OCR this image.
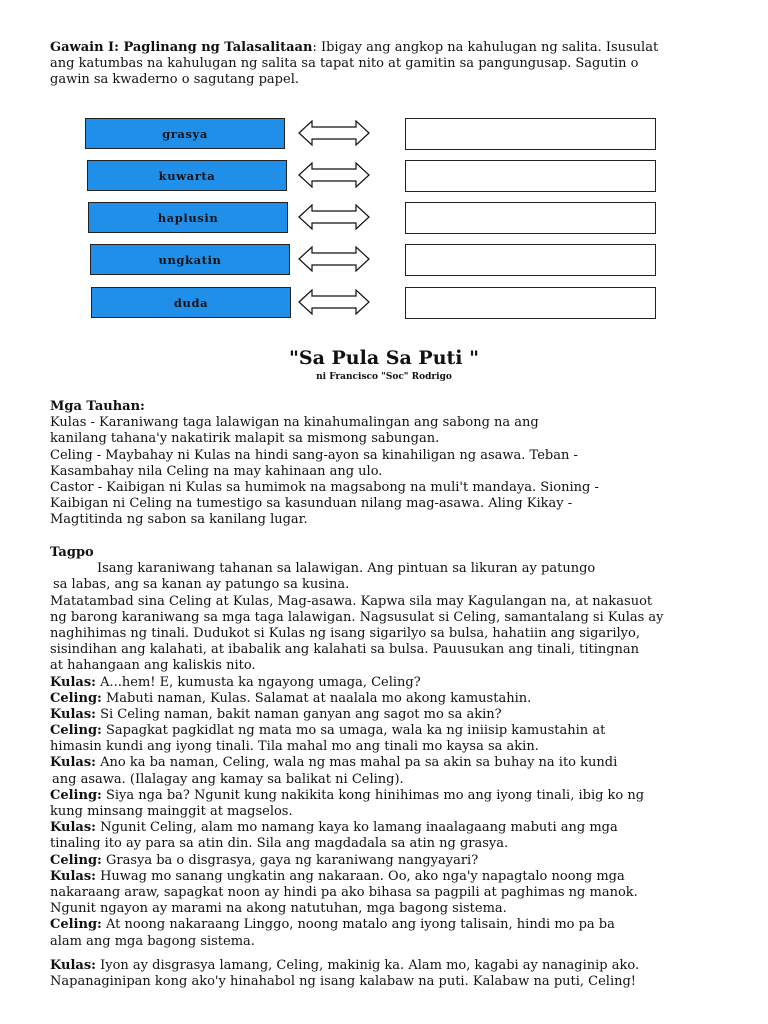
Gawain I: Paglinang ng Talasalitaan: Ibigay ang angkop na kahulugan ng salita. Isusulat
ang katumbas na kahulugan ng salita sa tapat nito at gamitin sa pangungusap. Sagutin o
gawin sa kwaderno o sagutang papel.
grasya
kuwarta
haplusin
ungkatin
duda
"Sa Pula Sa Puti "
ni Francisco "Soc" Rodrigo
Mga Tauhan:
Kulas - Karaniwang taga lalawigan na kinahumalingan ang sabong na ang
kanilang tahana'y nakatirik malapit sa mismong sabungan.
Celing - Maybahay ni Kulas na hindi sang-ayon sa kinahiligan ng asawa. Teban -
Kasambahay nila Celing na may kahinaan ang ulo.
Castor - Kaibigan ni Kulas sa humimok na magsabong na muli't mandaya. Sioning -
Kaibigan ni Celing na tumestigo sa kasunduan nilang mag-asawa. Aling Kikay -
Magtitinda ng sabon sa kanilang lugar.
Tagpo
Isang karaniwang tahanan sa lalawigan. Ang pintuan sa likuran ay patungo
sa labas, ang sa kanan ay patungo sa kusina.
Matatambad sina Celing at Kulas, Mag-asawa. Kapwa sila may Kagulangan na, at nakasuot
ng barong karaniwang sa mga taga lalawigan. Nagsusulat si Celing, samantalang si Kulas ay
naghihimas ng tinali. Dudukot si Kulas ng isang sigarilyo sa bulsa, hahatiin ang sigarilyo,
sisindihan ang kalahati, at ibabalik ang kalahati sa bulsa. Pauusukan ang tinali, titingnan
at hahangaan ang kaliskis nito.
Kulas: A...hem! E, kumusta ka ngayong umaga, Celing?
Celing: Mabuti naman, Kulas. Salamat at naalala mo akong kamustahin.
Kulas: Si Celing naman, bakit naman ganyan ang sagot mo sa akin?
Celing: Sapagkat pagkidlat ng mata mo sa umaga, wala ka ng iniisip kamustahin at
himasin kundi ang iyong tinali. Tila mahal mo ang tinali mo kaysa sa akin.
Kulas: Ano ka ba naman, Celing, wala ng mas mahal pa sa akin sa buhay na ito kundi
ang asawa. (Ilalagay ang kamay sa balikat ni Celing).
Celing: Siya nga ba? Ngunit kung nakikita kong hinihimas mo ang iyong tinali, ibig ko ng
kung minsang mainggit at magselos.
Kulas: Ngunit Celing, alam mo namang kaya ko lamang inaalagaang mabuti ang mga
tinaling ito ay para sa atin din. Sila ang magdadala sa atin ng grasya.
Celing: Grasya ba o disgrasya, gaya ng karaniwang nangyayari?
Kulas: Huwag mo sanang ungkatin ang nakaraan. Oo, ako nga'y napagtalo noong mga
nakaraang araw, sapagkat noon ay hindi pa ako bihasa sa pagpili at paghimas ng manok.
Ngunit ngayon ay marami na akong natutuhan, mga bagong sistema.
Celing: At noong nakaraang Linggo, noong matalo ang iyong talisain, hindi mo pa ba
alam ang mga bagong sistema.
Kulas: Iyon ay disgrasya lamang, Celing, makinig ka. Alam mo, kagabi ay nanaginip ako.
Napanaginipan kong ako'y hinahabol ng isang kalabaw na puti. Kalabaw na puti, Celing!
